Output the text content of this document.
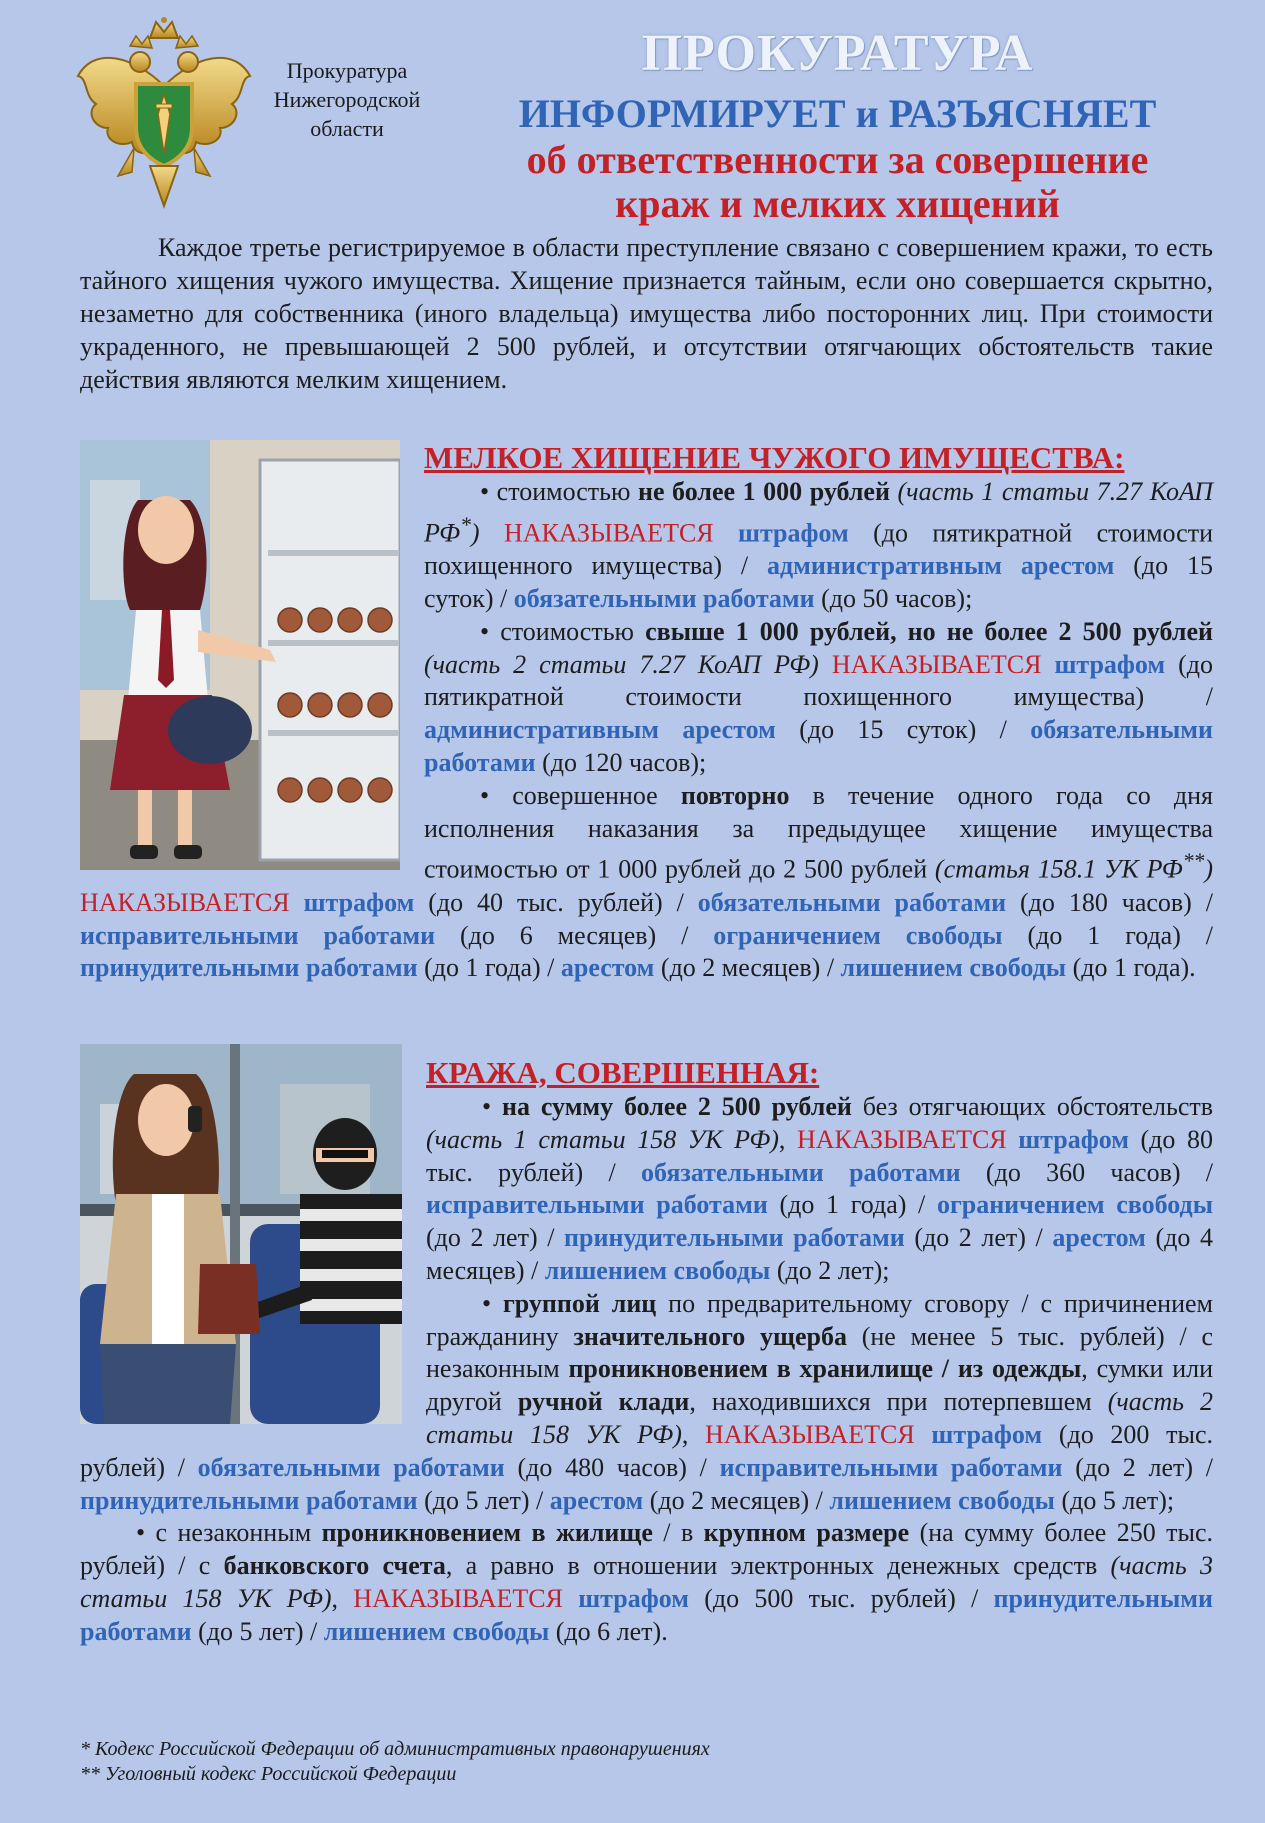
Прокуратура
Нижегородской
области
ПРОКУРАТУРА
ИНФОРМИРУЕТ и РАЗЪЯСНЯЕТ
об ответственности за совершение
краж и мелких хищений
Каждое третье регистрируемое в области преступление связано с совершением кражи, то есть тайного хищения чужого имущества. Хищение признается тайным, если оно совершается скрытно, незаметно для собственника (иного владельца) имущества либо посторонних лиц. При стоимости украденного, не превышающей 2 500 рублей, и отсутствии отягчающих обстоятельств такие действия являются мелким хищением.
МЕЛКОЕ ХИЩЕНИЕ ЧУЖОГО ИМУЩЕСТВА:

• стоимостью не более 1 000 рублей (часть 1 статьи 7.27 КоАП РФ*) НАКАЗЫВАЕТСЯ штрафом (до пятикратной стоимости похищенного имущества) / административным арестом (до 15 суток) / обязательными работами (до 50 часов);

• стоимостью свыше 1 000 рублей, но не более 2 500 рублей (часть 2 статьи 7.27 КоАП РФ) НАКАЗЫВАЕТСЯ штрафом (до пятикратной стоимости похищенного имущества) / административным арестом (до 15 суток) / обязательными работами (до 120 часов);

• совершенное повторно в течение одного года со дня исполнения наказания за предыдущее хищение имущества стоимостью от 1 000 рублей до 2 500 рублей (статья 158.1 УК РФ**) НАКАЗЫВАЕТСЯ штрафом (до 40 тыс. рублей) / обязательными работами (до 180 часов) / исправительными работами (до 6 месяцев) / ограничением свободы (до 1 года) / принудительными работами (до 1 года) / арестом (до 2 месяцев) / лишением свободы (до 1 года).

КРАЖА, СОВЕРШЕННАЯ:

• на сумму более 2 500 рублей без отягчающих обстоятельств (часть 1 статьи 158 УК РФ), НАКАЗЫВАЕТСЯ штрафом (до 80 тыс. рублей) / обязательными работами (до 360 часов) / исправительными работами (до 1 года) / ограничением свободы (до 2 лет) / принудительными работами (до 2 лет) / арестом (до 4 месяцев) / лишением свободы (до 2 лет);

• группой лиц по предварительному сговору / с причинением гражданину значительного ущерба (не менее 5 тыс. рублей) / с незаконным проникновением в хранилище / из одежды, сумки или другой ручной клади, находившихся при потерпевшем (часть 2 статьи 158 УК РФ), НАКАЗЫВАЕТСЯ штрафом (до 200 тыс. рублей) / обязательными работами (до 480 часов) / исправительными работами (до 2 лет) / принудительными работами (до 5 лет) / арестом (до 2 месяцев) / лишением свободы (до 5 лет);

• с незаконным проникновением в жилище / в крупном размере (на сумму более 250 тыс. рублей) / с банковского счета, а равно в отношении электронных денежных средств (часть 3 статьи 158 УК РФ), НАКАЗЫВАЕТСЯ штрафом (до 500 тыс. рублей) / принудительными работами (до 5 лет) / лишением свободы (до 6 лет).

* Кодекс Российской Федерации об административных правонарушениях
** Уголовный кодекс Российской Федерации
